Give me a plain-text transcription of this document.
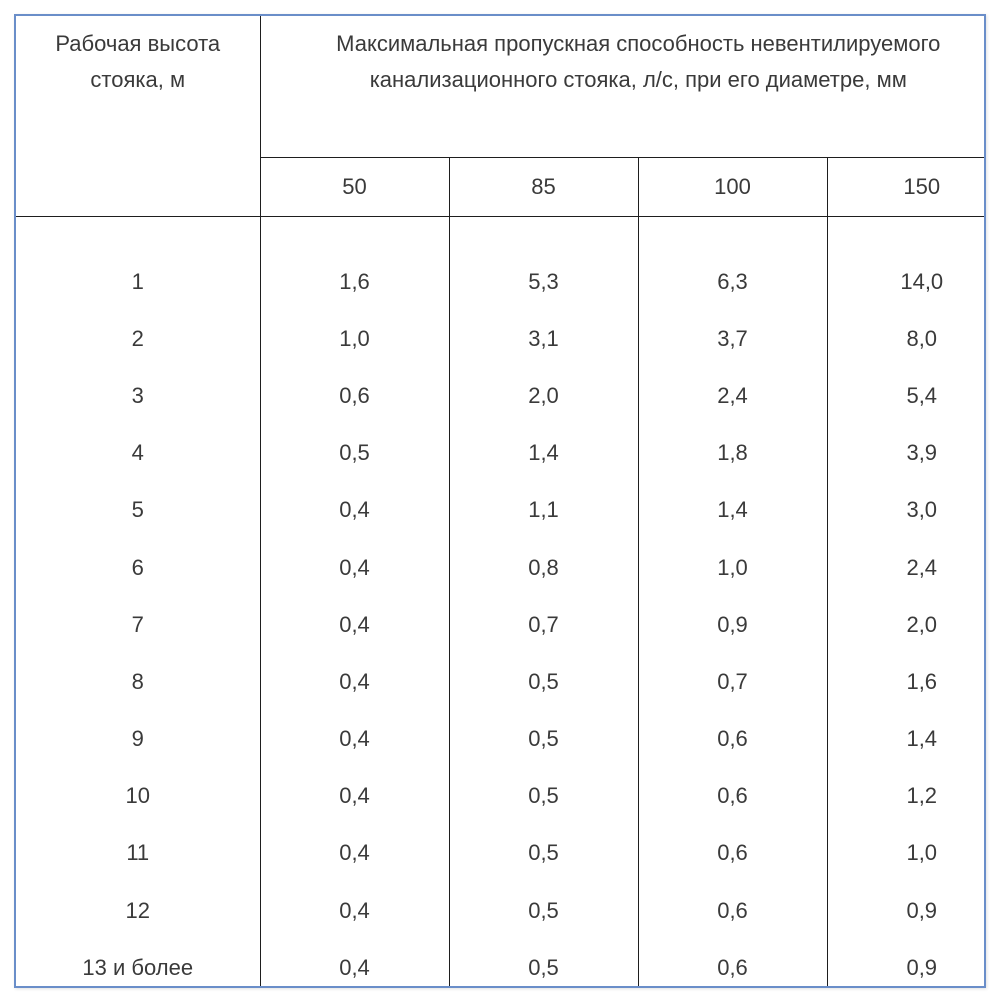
Рабочая высота стояка, м	Максимальная пропускная способность невентилируемого канализационного стояка, л/с, при его диаметре, мм			
	50	85	100	150

1	1,6	5,3	6,3	14,0
2	1,0	3,1	3,7	8,0
3	0,6	2,0	2,4	5,4
4	0,5	1,4	1,8	3,9
5	0,4	1,1	1,4	3,0
6	0,4	0,8	1,0	2,4
7	0,4	0,7	0,9	2,0
8	0,4	0,5	0,7	1,6
9	0,4	0,5	0,6	1,4
10	0,4	0,5	0,6	1,2
11	0,4	0,5	0,6	1,0
12	0,4	0,5	0,6	0,9
13 и более	0,4	0,5	0,6	0,9
